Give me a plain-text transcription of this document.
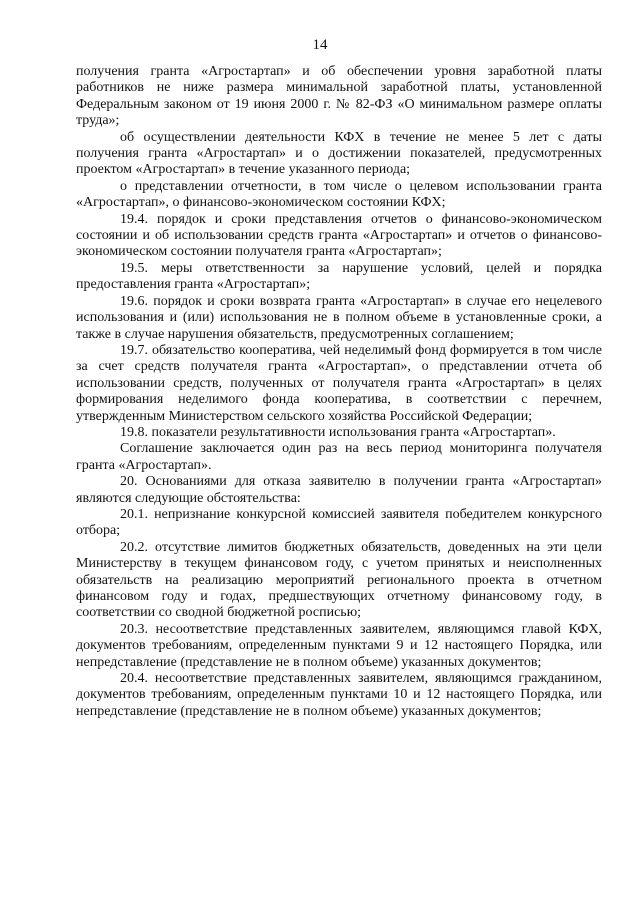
14

получения гранта «Агростартап» и об обеспечении уровня заработной платы работников не ниже размера минимальной заработной платы, установленной Федеральным законом от 19 июня 2000 г. № 82-ФЗ «О минимальном размере оплаты труда»;

об осуществлении деятельности КФХ в течение не менее 5 лет с даты получения гранта «Агростартап» и о достижении показателей, предусмотренных проектом «Агростартап» в течение указанного периода;

о представлении отчетности, в том числе о целевом использовании гранта «Агростартап», о финансово-экономическом состоянии КФХ;

19.4. порядок и сроки представления отчетов о финансово-экономическом состоянии и об использовании средств гранта «Агростартап» и отчетов о финансово-экономическом состоянии получателя гранта «Агростартап»;

19.5. меры ответственности за нарушение условий, целей и порядка предоставления гранта «Агростартап»;

19.6. порядок и сроки возврата гранта «Агростартап» в случае его нецелевого использования и (или) использования не в полном объеме в установленные сроки, а также в случае нарушения обязательств, предусмотренных соглашением;

19.7. обязательство кооператива, чей неделимый фонд формируется в том числе за счет средств получателя гранта «Агростартап», о представлении отчета об использовании средств, полученных от получателя гранта «Агростартап» в целях формирования неделимого фонда кооператива, в соответствии с перечнем, утвержденным Министерством сельского хозяйства Российской Федерации;

19.8. показатели результативности использования гранта «Агростартап».

Соглашение заключается один раз на весь период мониторинга получателя гранта «Агростартап».

20. Основаниями для отказа заявителю в получении гранта «Агростартап» являются следующие обстоятельства:

20.1. непризнание конкурсной комиссией заявителя победителем конкурсного отбора;

20.2. отсутствие лимитов бюджетных обязательств, доведенных на эти цели Министерству в текущем финансовом году, с учетом принятых и неисполненных обязательств на реализацию мероприятий регионального проекта в отчетном финансовом году и годах, предшествующих отчетному финансовому году, в соответствии со сводной бюджетной росписью;

20.3. несоответствие представленных заявителем, являющимся главой КФХ, документов требованиям, определенным пунктами 9 и 12 настоящего Порядка, или непредставление (представление не в полном объеме) указанных документов;

20.4. несоответствие представленных заявителем, являющимся гражданином, документов требованиям, определенным пунктами 10 и 12 настоящего Порядка, или непредставление (представление не в полном объеме) указанных документов;
